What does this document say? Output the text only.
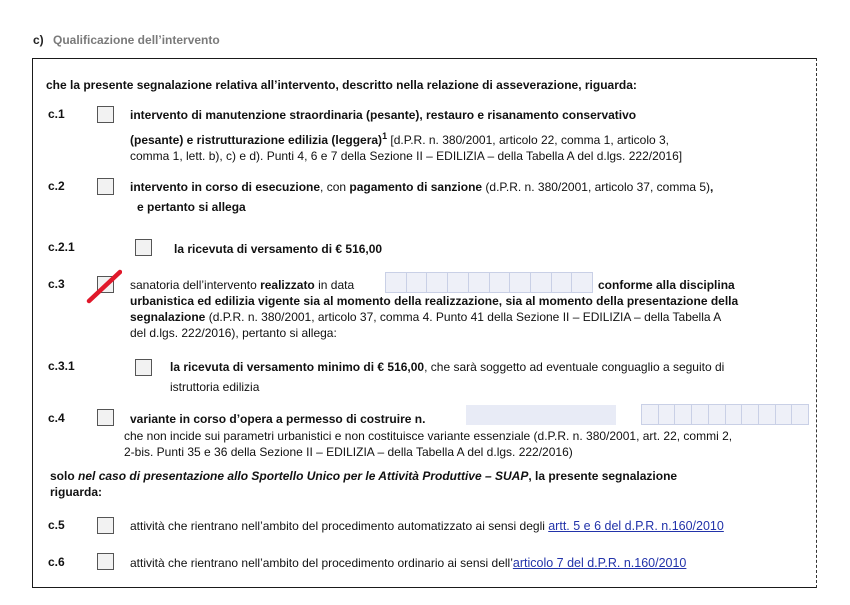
c) Qualificazione dell’intervento
che la presente segnalazione relativa all’intervento, descritto nella relazione di asseverazione, riguarda:
c.1	intervento di manutenzione straordinaria (pesante), restauro e risanamento conservativo
(pesante) e ristrutturazione edilizia (leggera)$^1$ [d.P.R. n. 380/2001, articolo 22, comma 1, articolo 3,
comma 1, lett. b), c) e d). Punti 4, 6 e 7 della Sezione II – EDILIZIA – della Tabella A del d.lgs. 222/2016]
c.2	intervento in corso di esecuzione, con pagamento di sanzione (d.P.R. n. 380/2001, articolo 37, comma 5),
e pertanto si allega
c.2.1	la ricevuta di versamento di € 516,00
c.3	sanatoria dell’intervento realizzato in data	conforme alla disciplina
urbanistica ed edilizia vigente sia al momento della realizzazione, sia al momento della presentazione della
segnalazione (d.P.R. n. 380/2001, articolo 37, comma 4. Punto 41 della Sezione II – EDILIZIA – della Tabella A
del d.lgs. 222/2016), pertanto si allega:
c.3.1	la ricevuta di versamento minimo di € 516,00, che sarà soggetto ad eventuale conguaglio a seguito di
istruttoria edilizia
c.4	variante in corso d’opera a permesso di costruire n.
che non incide sui parametri urbanistici e non costituisce variante essenziale (d.P.R. n. 380/2001, art. 22, commi 2,
2-bis. Punti 35 e 36 della Sezione II – EDILIZIA – della Tabella A del d.lgs. 222/2016)
solo nel caso di presentazione allo Sportello Unico per le Attività Produttive – SUAP, la presente segnalazione
riguarda:
c.5	attività che rientrano nell’ambito del procedimento automatizzato ai sensi degli artt. 5 e 6 del d.P.R. n.160/2010
c.6	attività che rientrano nell’ambito del procedimento ordinario ai sensi dell’articolo 7 del d.P.R. n.160/2010
